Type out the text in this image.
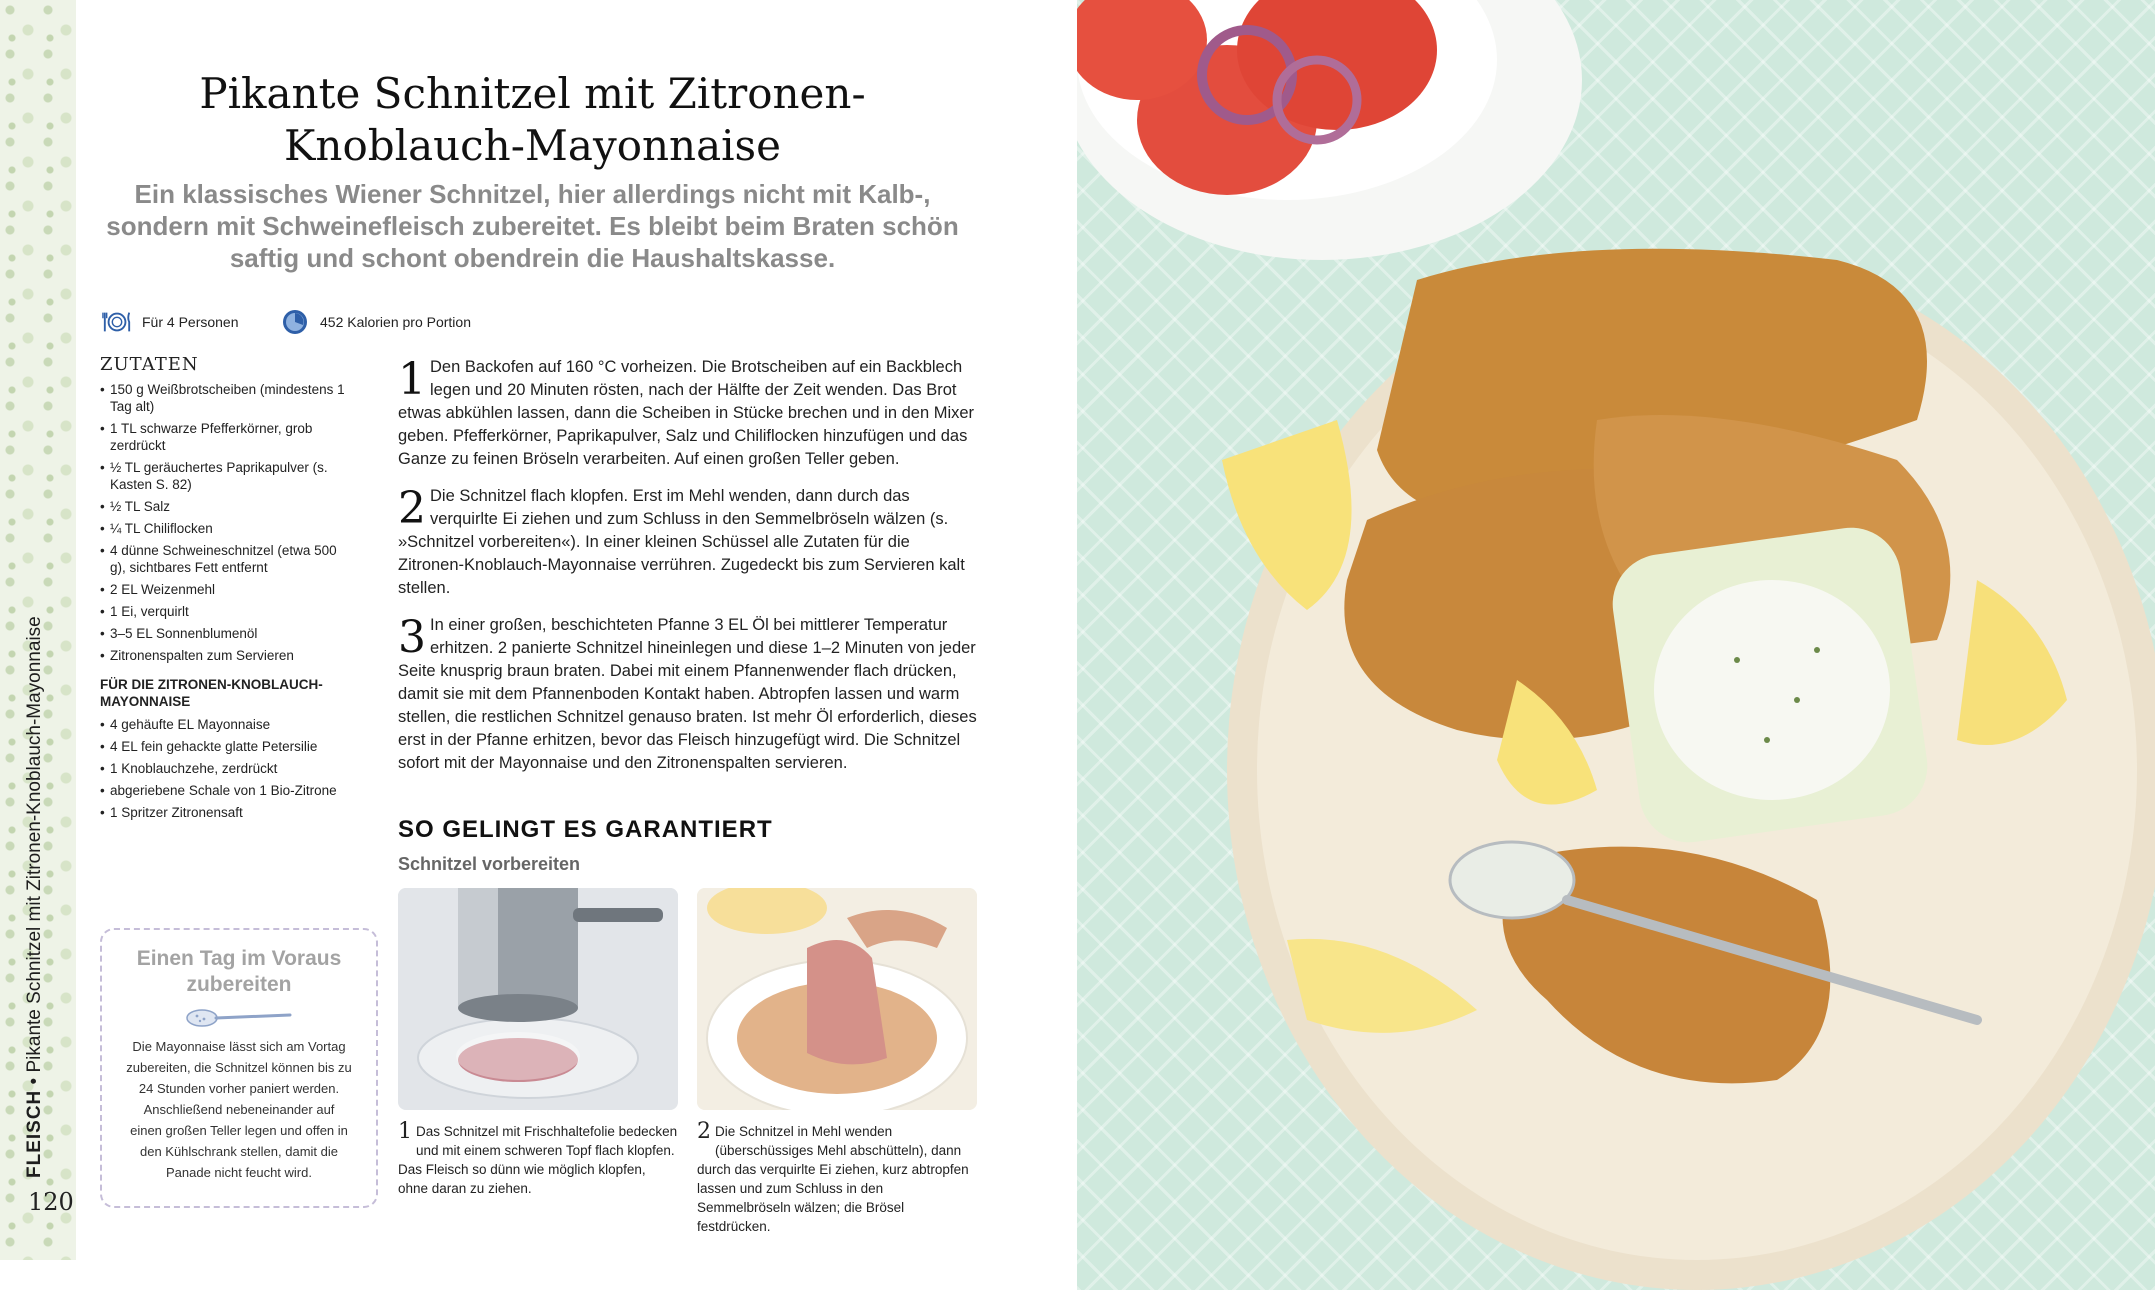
FLEISCH • Pikante Schnitzel mit Zitronen-Knoblauch-Mayonnaise
120
Pikante Schnitzel mit Zitronen-Knoblauch-Mayonnaise

Ein klassisches Wiener Schnitzel, hier allerdings nicht mit Kalb-, sondern mit Schweinefleisch zubereitet. Es bleibt beim Braten schön saftig und schont obendrein die Haushaltskasse.

Für 4 Personen	452 Kalorien pro Portion
ZUTATEN
• 150 g Weißbrotscheiben (mindestens 1 Tag alt)
• 1 TL schwarze Pfefferkörner, grob zerdrückt
• ½ TL geräuchertes Paprikapulver (s. Kasten S. 82)
• ½ TL Salz
• ¼ TL Chiliflocken
• 4 dünne Schweineschnitzel (etwa 500 g), sichtbares Fett entfernt
• 2 EL Weizenmehl
• 1 Ei, verquirlt
• 3–5 EL Sonnenblumenöl
• Zitronenspalten zum Servieren
FÜR DIE ZITRONEN-KNOBLAUCH-MAYONNAISE
• 4 gehäufte EL Mayonnaise
• 4 EL fein gehackte glatte Petersilie
• 1 Knoblauchzehe, zerdrückt
• abgeriebene Schale von 1 Bio-Zitrone
• 1 Spritzer Zitronensaft
1 Den Backofen auf 160 °C vorheizen. Die Brotscheiben auf ein Backblech legen und 20 Minuten rösten, nach der Hälfte der Zeit wenden. Das Brot etwas abkühlen lassen, dann die Scheiben in Stücke brechen und in den Mixer geben. Pfefferkörner, Paprikapulver, Salz und Chiliflocken hinzufügen und das Ganze zu feinen Bröseln verarbeiten. Auf einen großen Teller geben.
2 Die Schnitzel flach klopfen. Erst im Mehl wenden, dann durch das verquirlte Ei ziehen und zum Schluss in den Semmelbröseln wälzen (s. »Schnitzel vorbereiten«). In einer kleinen Schüssel alle Zutaten für die Zitronen-Knoblauch-Mayonnaise verrühren. Zugedeckt bis zum Servieren kalt stellen.
3 In einer großen, beschichteten Pfanne 3 EL Öl bei mittlerer Temperatur erhitzen. 2 panierte Schnitzel hineinlegen und diese 1–2 Minuten von jeder Seite knusprig braun braten. Dabei mit einem Pfannenwender flach drücken, damit sie mit dem Pfannenboden Kontakt haben. Abtropfen lassen und warm stellen, die restlichen Schnitzel genauso braten. Ist mehr Öl erforderlich, dieses erst in der Pfanne erhitzen, bevor das Fleisch hinzugefügt wird. Die Schnitzel sofort mit der Mayonnaise und den Zitronenspalten servieren.
Einen Tag im Voraus zubereiten
Die Mayonnaise lässt sich am Vortag zubereiten, die Schnitzel können bis zu 24 Stunden vorher paniert werden. Anschließend nebeneinander auf einen großen Teller legen und offen in den Kühlschrank stellen, damit die Panade nicht feucht wird.
SO GELINGT ES GARANTIERT
Schnitzel vorbereiten
1 Das Schnitzel mit Frischhaltefolie bedecken und mit einem schweren Topf flach klopfen. Das Fleisch so dünn wie möglich klopfen, ohne daran zu ziehen.
2 Die Schnitzel in Mehl wenden (überschüssiges Mehl abschütteln), dann durch das verquirlte Ei ziehen, kurz abtropfen lassen und zum Schluss in den Semmelbröseln wälzen; die Brösel festdrücken.
